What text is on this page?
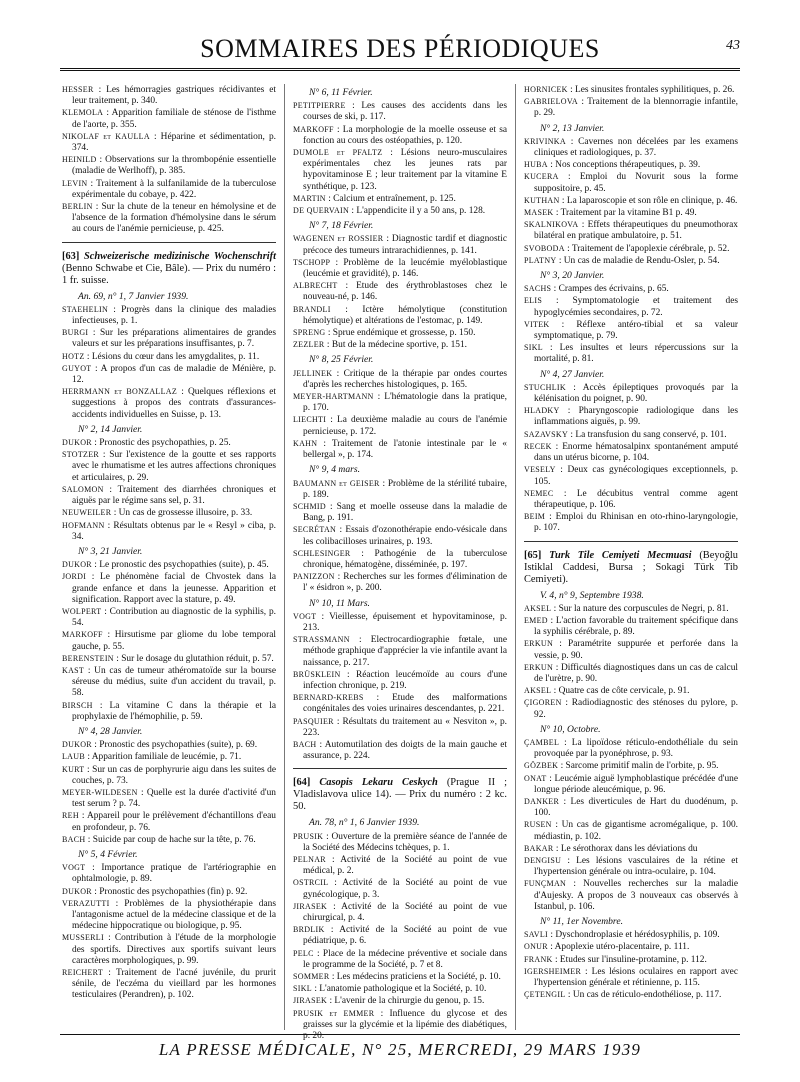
SOMMAIRES DES PÉRIODIQUES	43

HESSER : Les hémorragies gastriques récidivantes et leur traitement, p. 340.

KLEMOLA : Apparition familiale de sténose de l'isthme de l'aorte, p. 355.

NIKOLAF et KAULLA : Héparine et sédimentation, p. 374.

HEINILD : Observations sur la thrombopénie essentielle (maladie de Werlhoff), p. 385.

LEVIN : Traitement à la sulfanilamide de la tuberculose expérimentale du cobaye, p. 422.

BERLIN : Sur la chute de la teneur en hémolysine et de l'absence de la formation d'hémolysine dans le sérum au cours de l'anémie pernicieuse, p. 425.

[63] Schweizerische medizinische Wochenschrift (Benno Schwabe et Cie, Bâle). — Prix du numéro : 1 fr. suisse.

An. 69, n° 1, 7 Janvier 1939.

STAEHELIN : Progrès dans la clinique des maladies infectieuses, p. 1.

BURGI : Sur les préparations alimentaires de grandes valeurs et sur les préparations insuffisantes, p. 7.

HOTZ : Lésions du cœur dans les amygdalites, p. 11.

GUYOT : A propos d'un cas de maladie de Ménière, p. 12.

HERRMANN et BONZALLAZ : Quelques réflexions et suggestions à propos des contrats d'assurances-accidents individuelles en Suisse, p. 13.

N° 2, 14 Janvier.

DUKOR : Pronostic des psychopathies, p. 25.

STOTZER : Sur l'existence de la goutte et ses rapports avec le rhumatisme et les autres affections chroniques et articulaires, p. 29.

SALOMON : Traitement des diarrhées chroniques et aiguës par le régime sans sel, p. 31.

NEUWEILER : Un cas de grossesse illusoire, p. 33.

HOFMANN : Résultats obtenus par le « Resyl » ciba, p. 34.

N° 3, 21 Janvier.

DUKOR : Le pronostic des psychopathies (suite), p. 45.

JORDI : Le phénomène facial de Chvostek dans la grande enfance et dans la jeunesse. Apparition et signification. Rapport avec la stature, p. 49.

WOLPERT : Contribution au diagnostic de la syphilis, p. 54.

MARKOFF : Hirsutisme par gliome du lobe temporal gauche, p. 55.

BERENSTEIN : Sur le dosage du glutathion réduit, p. 57.

KAST : Un cas de tumeur athéromatoïde sur la bourse séreuse du médius, suite d'un accident du travail, p. 58.

BIRSCH : La vitamine C dans la thérapie et la prophylaxie de l'hémophilie, p. 59.

N° 4, 28 Janvier.

DUKOR : Pronostic des psychopathies (suite), p. 69.

LAUB : Apparition familiale de leucémie, p. 71.

KURT : Sur un cas de porphyrurie aigu dans les suites de couches, p. 73.

MEYER-WILDESEN : Quelle est la durée d'activité d'un test serum ? p. 74.

REH : Appareil pour le prélèvement d'échantillons d'eau en profondeur, p. 76.

BACH : Suicide par coup de hache sur la tête, p. 76.

N° 5, 4 Février.

VOGT : Importance pratique de l'artériographie en ophtalmologie, p. 89.

DUKOR : Pronostic des psychopathies (fin) p. 92.

VERAZUTTI : Problèmes de la physiothérapie dans l'antagonisme actuel de la médecine classique et de la médecine hippocratique ou biologique, p. 95.

MUSSERLI : Contribution à l'étude de la morphologie des sportifs. Directives aux sportifs suivant leurs caractères morphologiques, p. 99.

REICHERT : Traitement de l'acné juvénile, du prurit sénile, de l'eczéma du vieillard par les hormones testiculaires (Perandren), p. 102.

N° 6, 11 Février.

PETITPIERRE : Les causes des accidents dans les courses de ski, p. 117.

MARKOFF : La morphologie de la moelle osseuse et sa fonction au cours des ostéopathies, p. 120.

DUMOLE et PFALTZ : Lésions neuro-musculaires expérimentales chez les jeunes rats par hypovitaminose E ; leur traitement par la vitamine E synthétique, p. 123.

MARTIN : Calcium et entraînement, p. 125.

DE QUERVAIN : L'appendicite il y a 50 ans, p. 128.

N° 7, 18 Février.

WAGENEN et ROSSIER : Diagnostic tardif et diagnostic précoce des tumeurs intrarachidiennes, p. 141.

TSCHOPP : Problème de la leucémie myéloblastique (leucémie et gravidité), p. 146.

ALBRECHT : Etude des érythroblastoses chez le nouveau-né, p. 146.

BRANDLI : Ictère hémolytique (constitution hémolytique) et altérations de l'estomac, p. 149.

SPRENG : Sprue endémique et grossesse, p. 150.

ZEZLER : But de la médecine sportive, p. 151.

N° 8, 25 Février.

JELLINEK : Critique de la thérapie par ondes courtes d'après les recherches histologiques, p. 165.

MEYER-HARTMANN : L'hématologie dans la pratique, p. 170.

LIECHTI : La deuxième maladie au cours de l'anémie pernicieuse, p. 172.

KAHN : Traitement de l'atonie intestinale par le « bellergal », p. 174.

N° 9, 4 mars.

BAUMANN et GEISER : Problème de la stérilité tubaire, p. 189.

SCHMID : Sang et moelle osseuse dans la maladie de Bang, p. 191.

SECRÉTAN : Essais d'ozonothérapie endo-vésicale dans les colibacilloses urinaires, p. 193.

SCHLESINGER : Pathogénie de la tuberculose chronique, hématogène, disséminée, p. 197.

PANIZZON : Recherches sur les formes d'élimination de l' « ésidron », p. 200.

N° 10, 11 Mars.

VOGT : Vieillesse, épuisement et hypovitaminose, p. 213.

STRASSMANN : Electrocardiographie fœtale, une méthode graphique d'apprécier la vie infantile avant la naissance, p. 217.

BRÜSKLEIN : Réaction leucémoïde au cours d'une infection chronique, p. 219.

BERNARD-KREBS : Etude des malformations congénitales des voies urinaires descendantes, p. 221.

PASQUIER : Résultats du traitement au « Nesviton », p. 223.

BACH : Automutilation des doigts de la main gauche et assurance, p. 224.

[64] Casopis Lekaru Ceskych (Prague II ; Vladislavova ulice 14). — Prix du numéro : 2 kc. 50.

An. 78, n° 1, 6 Janvier 1939.

PRUSIK : Ouverture de la première séance de l'année de la Société des Médecins tchèques, p. 1.

PELNAR : Activité de la Société au point de vue médical, p. 2.

OSTRCIL : Activité de la Société au point de vue gynécologique, p. 3.

JIRASEK : Activité de la Société au point de vue chirurgical, p. 4.

BRDLIK : Activité de la Société au point de vue pédiatrique, p. 6.

PELC : Place de la médecine préventive et sociale dans le programme de la Société, p. 7 et 8.

SOMMER : Les médecins praticiens et la Société, p. 10.

SIKL : L'anatomie pathologique et la Société, p. 10.

JIRASEK : L'avenir de la chirurgie du genou, p. 15.

PRUSIK et EMMER : Influence du glycose et des graisses sur la glycémie et la lipémie des diabétiques, p. 20.

HORNICEK : Les sinusites frontales syphilitiques, p. 26.

GABRIELOVA : Traitement de la blennorragie infantile, p. 29.

N° 2, 13 Janvier.

KRIVINKA : Cavernes non décelées par les examens cliniques et radiologiques, p. 37.

HUBA : Nos conceptions thérapeutiques, p. 39.

KUCERA : Emploi du Novurit sous la forme suppositoire, p. 45.

KUTHAN : La laparoscopie et son rôle en clinique, p. 46.

MASEK : Traitement par la vitamine B1 p. 49.

SKALNIKOVA : Effets thérapeutiques du pneumothorax bilatéral en pratique ambulatoire, p. 51.

SVOBODA : Traitement de l'apoplexie cérébrale, p. 52.

PLATNY : Un cas de maladie de Rendu-Osler, p. 54.

N° 3, 20 Janvier.

SACHS : Crampes des écrivains, p. 65.

ELIS : Symptomatologie et traitement des hypoglycémies secondaires, p. 72.

VITEK : Réflexe antéro-tibial et sa valeur symptomatique, p. 79.

SIKL : Les insultes et leurs répercussions sur la mortalité, p. 81.

N° 4, 27 Janvier.

STUCHLIK : Accès épileptiques provoqués par la kélénisation du poignet, p. 90.

HLADKY : Pharyngoscopie radiologique dans les inflammations aiguës, p. 99.

SAZAVSKY : La transfusion du sang conservé, p. 101.

RECEK : Enorme hématosalpinx spontanément amputé dans un utérus bicorne, p. 104.

VESELY : Deux cas gynécologiques exceptionnels, p. 105.

NEMEC : Le décubitus ventral comme agent thérapeutique, p. 106.

BEIM : Emploi du Rhinisan en oto-rhino-laryngologie, p. 107.

[65] Turk Tile Cemiyeti Mecmuasi (Beyoğlu Istiklal Caddesi, Bursa ; Sokagi Türk Tib Cemiyeti).

V. 4, n° 9, Septembre 1938.

AKSEL : Sur la nature des corpuscules de Negri, p. 81.

EMED : L'action favorable du traitement spécifique dans la syphilis cérébrale, p. 89.

ERKUN : Paramétrite suppurée et perforée dans la vessie, p. 90.

ERKUN : Difficultés diagnostiques dans un cas de calcul de l'urètre, p. 90.

AKSEL : Quatre cas de côte cervicale, p. 91.

ÇIGOREN : Radiodiagnostic des sténoses du pylore, p. 92.

N° 10, Octobre.

ÇAMBEL : La lipoïdose réticulo-endothéliale du sein provoquée par la pyonéphrose, p. 93.

GÖZBEK : Sarcome primitif malin de l'orbite, p. 95.

ONAT : Leucémie aiguë lymphoblastique précédée d'une longue période aleucémique, p. 96.

DANKER : Les diverticules de Hart du duodénum, p. 100.

RUSEN : Un cas de gigantisme acromégalique, p. 100. médiastin, p. 102.

BAKAR : Le sérothorax dans les déviations du

DENGISU : Les lésions vasculaires de la rétine et l'hypertension générale ou intra-oculaire, p. 104.

FUNÇMAN : Nouvelles recherches sur la maladie d'Aujesky. A propos de 3 nouveaux cas observés à Istanbul, p. 106.

N° 11, 1er Novembre.

SAVLI : Dyschondroplasie et hérédosyphilis, p. 109.

ONUR : Apoplexie utéro-placentaire, p. 111.

FRANK : Etudes sur l'insuline-protamine, p. 112.

IGERSHEIMER : Les lésions oculaires en rapport avec l'hypertension générale et rétinienne, p. 115.

ÇETENGIL : Un cas de réticulo-endothéliose, p. 117.

LA PRESSE MÉDICALE, N° 25, MERCREDI, 29 MARS 1939
